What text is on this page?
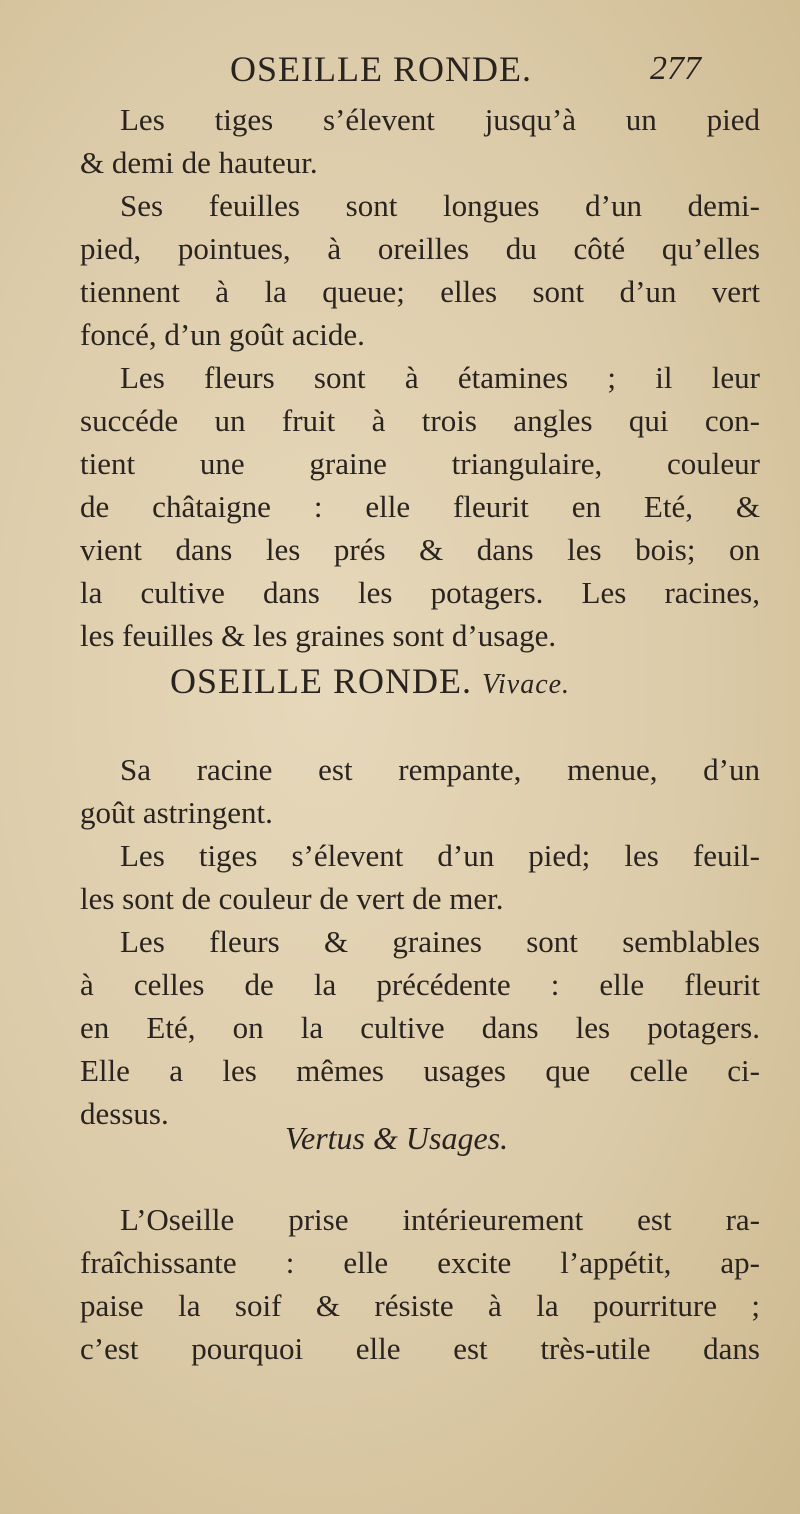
OSEILLE RONDE.	277
Les tiges s’élevent jusqu’à un pied
& demi de hauteur.
Ses feuilles sont longues d’un demi-
pied, pointues, à oreilles du côté qu’elles
tiennent à la queue; elles sont d’un vert
foncé, d’un goût acide.
Les fleurs sont à étamines ; il leur
succéde un fruit à trois angles qui con-
tient une graine triangulaire, couleur
de châtaigne : elle fleurit en Eté, &
vient dans les prés & dans les bois; on
la cultive dans les potagers. Les racines,
les feuilles & les graines sont d’usage.
OSEILLE RONDE. Vivace.
Sa racine est rempante, menue, d’un
goût astringent.
Les tiges s’élevent d’un pied; les feuil-
les sont de couleur de vert de mer.
Les fleurs & graines sont semblables
à celles de la précédente : elle fleurit
en Eté, on la cultive dans les potagers.
Elle a les mêmes usages que celle ci-
dessus.
Vertus & Usages.
L’Oseille prise intérieurement est ra-
fraîchissante : elle excite l’appétit, ap-
paise la soif & résiste à la pourriture ;
c’est pourquoi elle est très-utile dans
